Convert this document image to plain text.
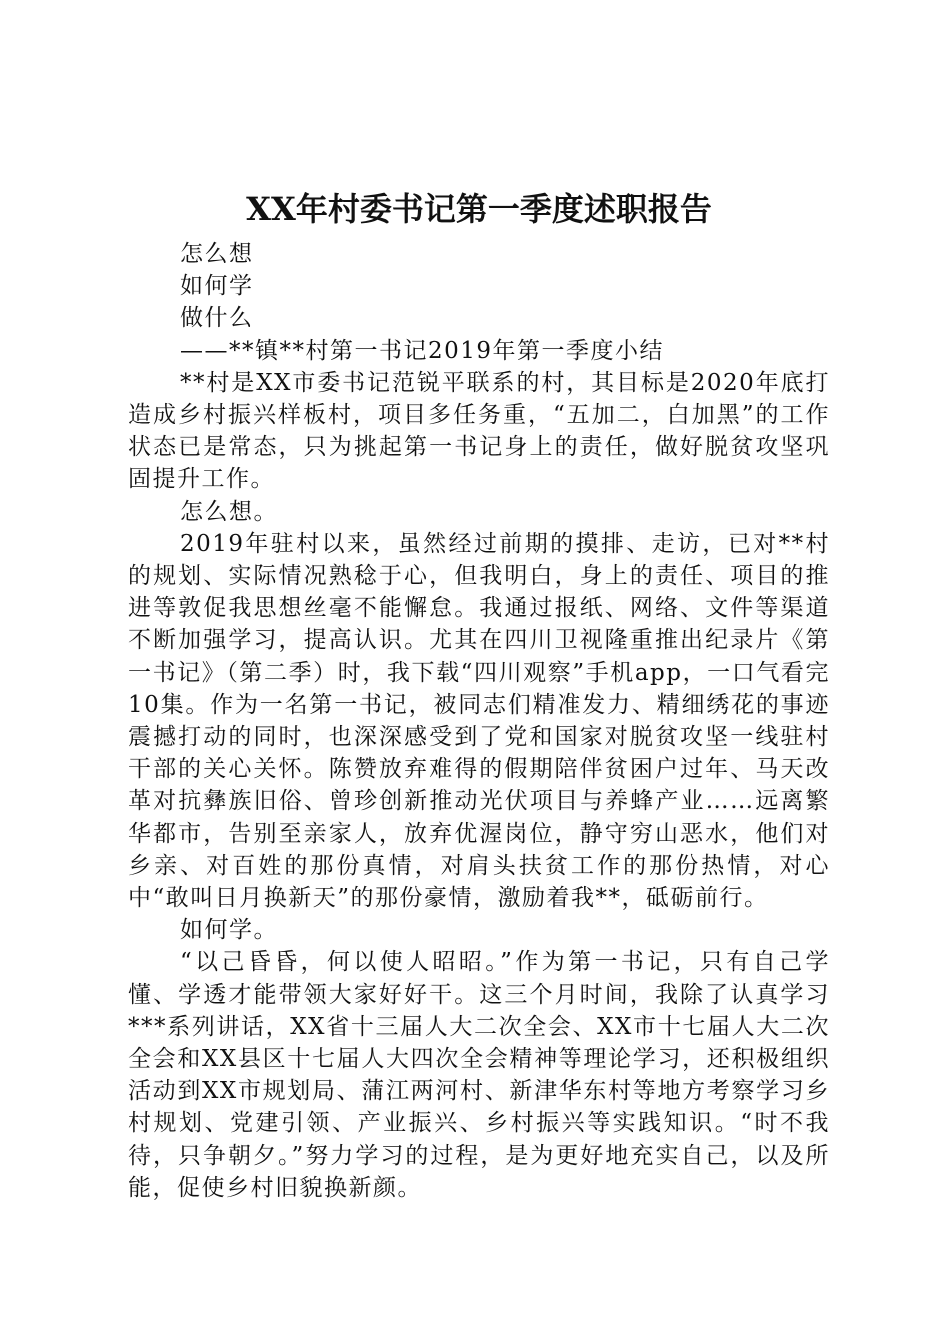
XX年村委书记第一季度述职报告

怎么想

如何学

做什么

——**镇**村第一书记2019年第一季度小结

**村是XX市委书记范锐平联系的村，其目标是2020年底打造成乡村振兴样板村，项目多任务重，“五加二，白加黑”的工作状态已是常态，只为挑起第一书记身上的责任，做好脱贫攻坚巩固提升工作。

怎么想。

2019年驻村以来，虽然经过前期的摸排、走访，已对**村的规划、实际情况熟稔于心，但我明白，身上的责任、项目的推进等敦促我思想丝毫不能懈怠。我通过报纸、网络、文件等渠道不断加强学习，提高认识。尤其在四川卫视隆重推出纪录片《第一书记》（第二季）时，我下载“四川观察”手机app，一口气看完10集。作为一名第一书记，被同志们精准发力、精细绣花的事迹震撼打动的同时，也深深感受到了党和国家对脱贫攻坚一线驻村干部的关心关怀。陈赞放弃难得的假期陪伴贫困户过年、马天改革对抗彝族旧俗、曾珍创新推动光伏项目与养蜂产业……远离繁华都市，告别至亲家人，放弃优渥岗位，静守穷山恶水，他们对乡亲、对百姓的那份真情，对肩头扶贫工作的那份热情，对心中“敢叫日月换新天”的那份豪情，激励着我**，砥砺前行。

如何学。

“以己昏昏，何以使人昭昭。”作为第一书记，只有自己学懂、学透才能带领大家好好干。这三个月时间，我除了认真学习***系列讲话，XX省十三届人大二次全会、XX市十七届人大二次全会和XX县区十七届人大四次全会精神等理论学习，还积极组织活动到XX市规划局、蒲江两河村、新津华东村等地方考察学习乡村规划、党建引领、产业振兴、乡村振兴等实践知识。“时不我待，只争朝夕。”努力学习的过程，是为更好地充实自己，以及所能，促使乡村旧貌换新颜。
